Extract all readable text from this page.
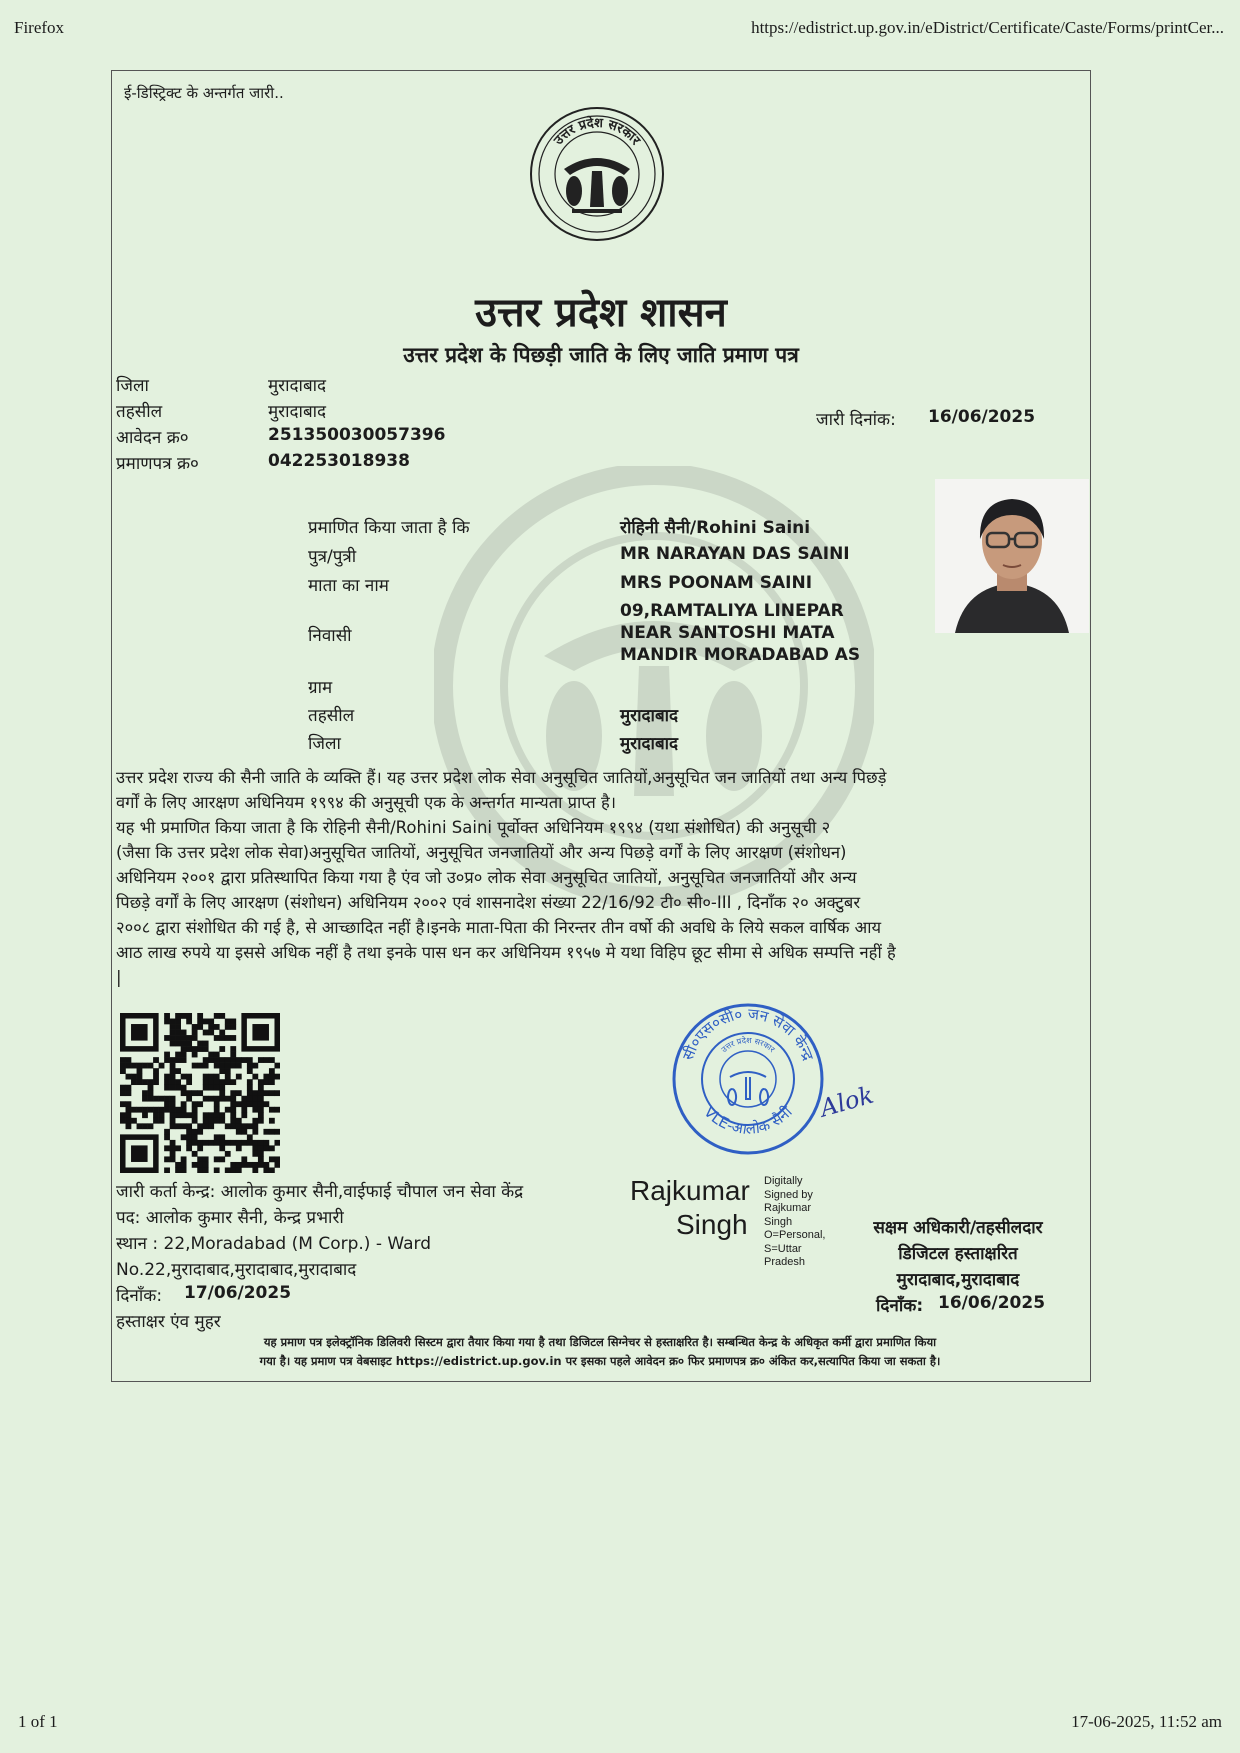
Firefox	https://edistrict.up.gov.in/eDistrict/Certificate/Caste/Forms/printCer...
1 of 1	17-06-2025, 11:52 am
ई-डिस्ट्रिक्ट के अन्तर्गत जारी..
उत्तर प्रदेश सरकार
उत्तर प्रदेश शासन
उत्तर प्रदेश के पिछड़ी जाति के लिए जाति प्रमाण पत्र
जिला	मुरादाबाद
तहसील	मुरादाबाद
आवेदन क्र०	251350030057396
प्रमाणपत्र क्र०	042253018938
जारी दिनांक: 16/06/2025
प्रमाणित किया जाता है कि	रोहिनी सैनी/Rohini Saini
पुत्र/पुत्री	MR NARAYAN DAS SAINI
माता का नाम	MRS POONAM SAINI
निवासी
09,RAMTALIYA LINEPAR
NEAR SANTOSHI MATA
MANDIR MORADABAD AS
ग्राम
तहसील	मुरादाबाद
जिला	मुरादाबाद
उत्तर प्रदेश राज्य की सैनी जाति के व्यक्ति हैं। यह उत्तर प्रदेश लोक सेवा अनुसूचित जातियों,अनुसूचित जन जातियों तथा अन्य पिछड़े
वर्गों के लिए आरक्षण अधिनियम १९९४ की अनुसूची एक के अन्तर्गत मान्यता प्राप्त है।
यह भी प्रमाणित किया जाता है कि रोहिनी सैनी/Rohini Saini पूर्वोक्त अधिनियम १९९४ (यथा संशोधित) की अनुसूची २
(जैसा कि उत्तर प्रदेश लोक सेवा)अनुसूचित जातियों, अनुसूचित जनजातियों और अन्य पिछड़े वर्गों के लिए आरक्षण (संशोधन)
अधिनियम २००१ द्वारा प्रतिस्थापित किया गया है एंव जो उ०प्र० लोक सेवा अनुसूचित जातियों, अनुसूचित जनजातियों और अन्य
पिछड़े वर्गों के लिए आरक्षण (संशोधन) अधिनियम २००२ एवं शासनादेश संख्या 22/16/92 टी० सी०-III , दिनाँक २० अक्टुबर
२००८ द्वारा संशोधित की गई है, से आच्छादित नहीं है।इनके माता-पिता की निरन्तर तीन वर्षो की अवधि के लिये सकल वार्षिक आय
आठ लाख रुपये या इससे अधिक नहीं है तथा इनके पास धन कर अधिनियम १९५७ मे यथा विहिप छूट सीमा से अधिक सम्पत्ति नहीं है
|
सी०एस०सी० जन सेवा केन्द्र
VLE-आलोक सैनी
उत्तर प्रदेश सरकार
Alok
जारी कर्ता केन्द्र: आलोक कुमार सैनी,वाईफाई चौपाल जन सेवा केंद्र
पद: आलोक कुमार सैनी, केन्द्र प्रभारी
स्थान : 22,Moradabad (M Corp.) - Ward
No.22,मुरादाबाद,मुरादाबाद,मुरादाबाद
दिनाँक: 17/06/2025
हस्ताक्षर एंव मुहर
Rajkumar
Singh
Digitally
Signed by
Rajkumar
Singh
O=Personal,
S=Uttar
Pradesh
सक्षम अधिकारी/तहसीलदार
डिजिटल हस्ताक्षरित
मुरादाबाद,मुरादाबाद
दिनाँक: 16/06/2025
यह प्रमाण पत्र इलेक्ट्रॉनिक डिलिवरी सिस्टम द्वारा तैयार किया गया है तथा डिजिटल सिग्नेचर से हस्ताक्षरित है। सम्बन्धित केन्द्र के अधिकृत कर्मी द्वारा प्रमाणित किया
गया है। यह प्रमाण पत्र वेबसाइट https://edistrict.up.gov.in पर इसका पहले आवेदन क्र० फिर प्रमाणपत्र क्र० अंकित कर,सत्यापित किया जा सकता है।
